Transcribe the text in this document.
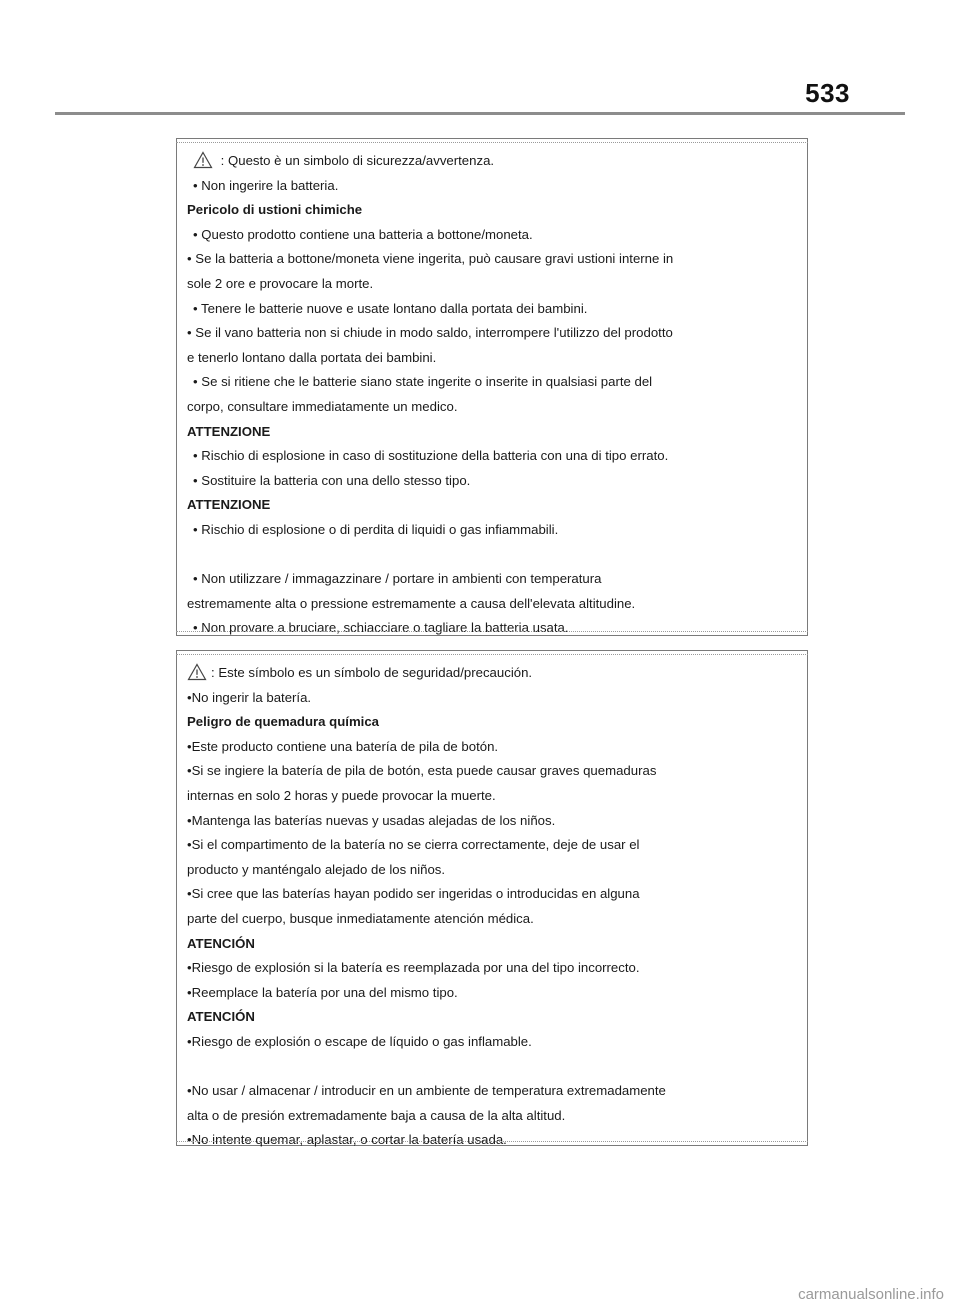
533
: Questo è un simbolo di sicurezza/avvertenza.
• Non ingerire la batteria.
Pericolo di ustioni chimiche
• Questo prodotto contiene una batteria a bottone/moneta.
• Se la batteria a bottone/moneta viene ingerita, può causare gravi ustioni interne in
sole 2 ore e provocare la morte.
• Tenere le batterie nuove e usate lontano dalla portata dei bambini.
• Se il vano batteria non si chiude in modo saldo, interrompere l'utilizzo del prodotto
e tenerlo lontano dalla portata dei bambini.
• Se si ritiene che le batterie siano state ingerite o inserite in qualsiasi parte del
corpo, consultare immediatamente un medico.
ATTENZIONE
• Rischio di esplosione in caso di sostituzione della batteria con una di tipo errato.
• Sostituire la batteria con una dello stesso tipo.
ATTENZIONE
• Rischio di esplosione o di perdita di liquidi o gas infiammabili.
• Non utilizzare / immagazzinare / portare in ambienti con temperatura
estremamente alta o pressione estremamente a causa dell'elevata altitudine.
• Non provare a bruciare, schiacciare o tagliare la batteria usata.
: Este símbolo es un símbolo de seguridad/precaución.
•No ingerir la batería.
Peligro de quemadura química
•Este producto contiene una batería de pila de botón.
•Si se ingiere la batería de pila de botón, esta puede causar graves quemaduras
internas en solo 2 horas y puede provocar la muerte.
•Mantenga las baterías nuevas y usadas alejadas de los niños.
•Si el compartimento de la batería no se cierra correctamente, deje de usar el
producto y manténgalo alejado de los niños.
•Si cree que las baterías hayan podido ser ingeridas o introducidas en alguna
parte del cuerpo, busque inmediatamente atención médica.
ATENCIÓN
•Riesgo de explosión si la batería es reemplazada por una del tipo incorrecto.
•Reemplace la batería por una del mismo tipo.
ATENCIÓN
•Riesgo de explosión o escape de líquido o gas inflamable.
•No usar / almacenar / introducir en un ambiente de temperatura extremadamente
alta o de presión extremadamente baja a causa de la alta altitud.
•No intente quemar, aplastar, o cortar la batería usada.
carmanualsonline.info
